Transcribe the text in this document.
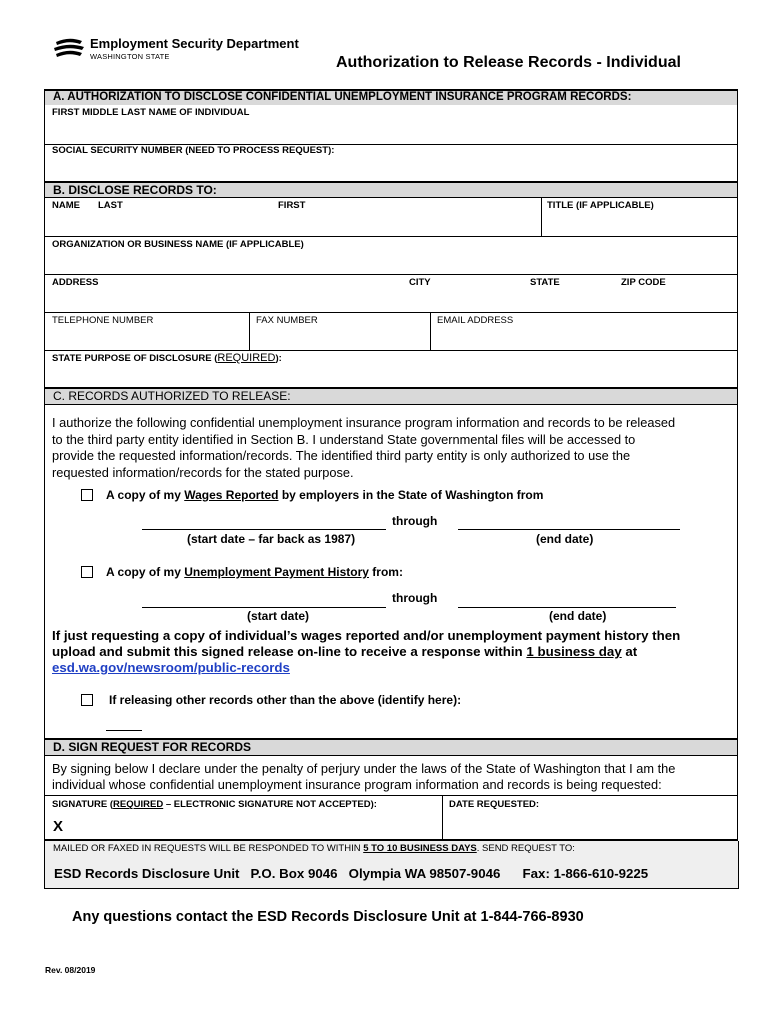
Employment Security Department
WASHINGTON STATE	Authorization to Release Records - Individual
A. AUTHORIZATION TO DISCLOSE CONFIDENTIAL UNEMPLOYMENT INSURANCE PROGRAM RECORDS:
FIRST MIDDLE LAST NAME OF INDIVIDUAL
SOCIAL SECURITY NUMBER (NEED TO PROCESS REQUEST):
B. DISCLOSE RECORDS TO:
NAME LAST	FIRST	TITLE (IF APPLICABLE)
ORGANIZATION OR BUSINESS NAME (IF APPLICABLE)
ADDRESS	CITY	STATE	ZIP CODE
TELEPHONE NUMBER	FAX NUMBER	EMAIL ADDRESS
STATE PURPOSE OF DISCLOSURE (REQUIRED):
C. RECORDS AUTHORIZED TO RELEASE:
I authorize the following confidential unemployment insurance program information and records to be released
to the third party entity identified in Section B. I understand State governmental files will be accessed to
provide the requested information/records. The identified third party entity is only authorized to use the
requested information/records for the stated purpose.
A copy of my Wages Reported by employers in the State of Washington from
through
(start date – far back as 1987)	(end date)
A copy of my Unemployment Payment History from:
through
(start date)	(end date)
If just requesting a copy of individual’s wages reported and/or unemployment payment history then
upload and submit this signed release on-line to receive a response within 1 business day at
esd.wa.gov/newsroom/public-records
If releasing other records other than the above (identify here):
D. SIGN REQUEST FOR RECORDS
By signing below I declare under the penalty of perjury under the laws of the State of Washington that I am the
individual whose confidential unemployment insurance program information and records is being requested:
SIGNATURE (REQUIRED – ELECTRONIC SIGNATURE NOT ACCEPTED):	DATE REQUESTED:
X
MAILED OR FAXED IN REQUESTS WILL BE RESPONDED TO WITHIN 5 TO 10 BUSINESS DAYS. SEND REQUEST TO:
ESD Records Disclosure Unit   P.O. Box 9046   Olympia WA 98507-9046      Fax: 1-866-610-9225
Any questions contact the ESD Records Disclosure Unit at 1-844-766-8930
Rev. 08/2019
